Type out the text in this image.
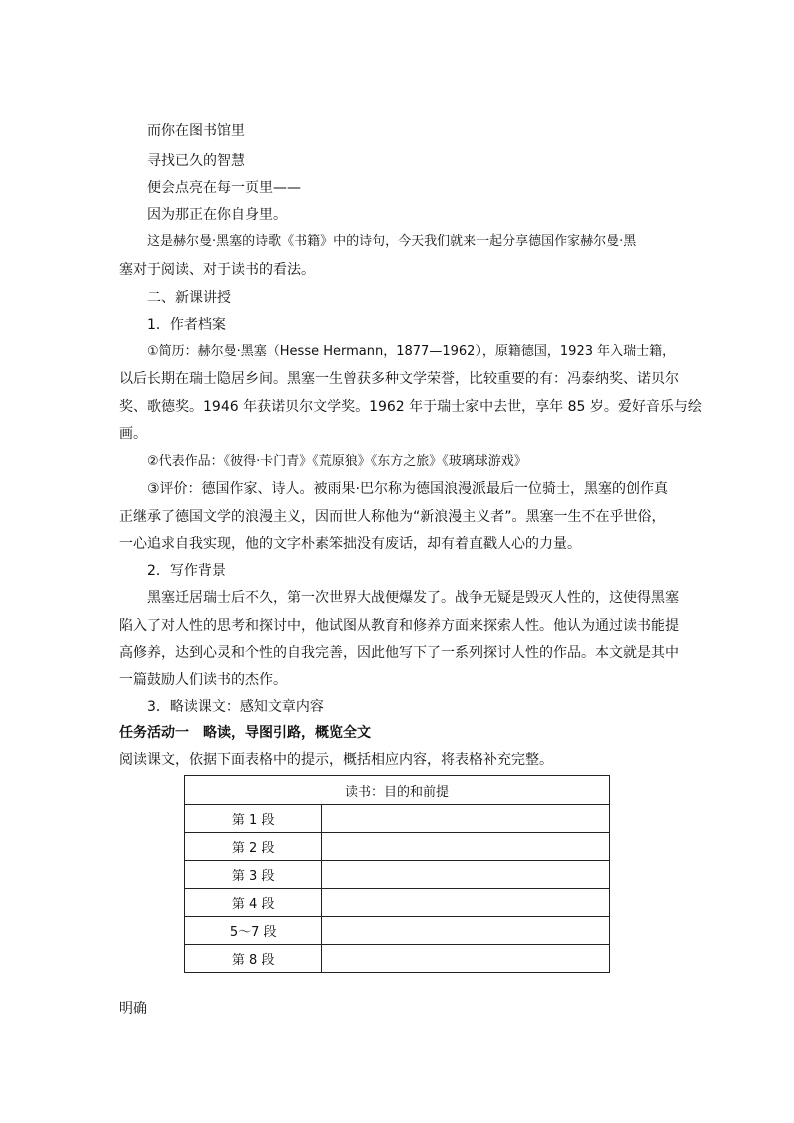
而你在图书馆里
寻找已久的智慧
便会点亮在每一页里——
因为那正在你自身里。
这是赫尔曼·黑塞的诗歌《书籍》中的诗句，今天我们就来一起分享德国作家赫尔曼·黑
塞对于阅读、对于读书的看法。
二、新课讲授
1．作者档案
①简历：赫尔曼·黑塞（Hesse Hermann，1877—1962），原籍德国，1923 年入瑞士籍，
以后长期在瑞士隐居乡间。黑塞一生曾获多种文学荣誉，比较重要的有：冯泰纳奖、诺贝尔
奖、歌德奖。1946 年获诺贝尔文学奖。1962 年于瑞士家中去世，享年 85 岁。爱好音乐与绘
画。
②代表作品：《彼得·卡门青》《荒原狼》《东方之旅》《玻璃球游戏》
③评价：德国作家、诗人。被雨果·巴尔称为德国浪漫派最后一位骑士，黑塞的创作真
正继承了德国文学的浪漫主义，因而世人称他为“新浪漫主义者”。黑塞一生不在乎世俗，
一心追求自我实现，他的文字朴素笨拙没有废话，却有着直戳人心的力量。
2．写作背景
黑塞迁居瑞士后不久，第一次世界大战便爆发了。战争无疑是毁灭人性的，这使得黑塞
陷入了对人性的思考和探讨中，他试图从教育和修养方面来探索人性。他认为通过读书能提
高修养，达到心灵和个性的自我完善，因此他写下了一系列探讨人性的作品。本文就是其中
一篇鼓励人们读书的杰作。
3．略读课文：感知文章内容
任务活动一　略读，导图引路，概览全文
阅读课文，依据下面表格中的提示，概括相应内容，将表格补充完整。
读书：目的和前提	
第 1 段	
第 2 段	
第 3 段	
第 4 段	
5～7 段	
第 8 段	
明确
